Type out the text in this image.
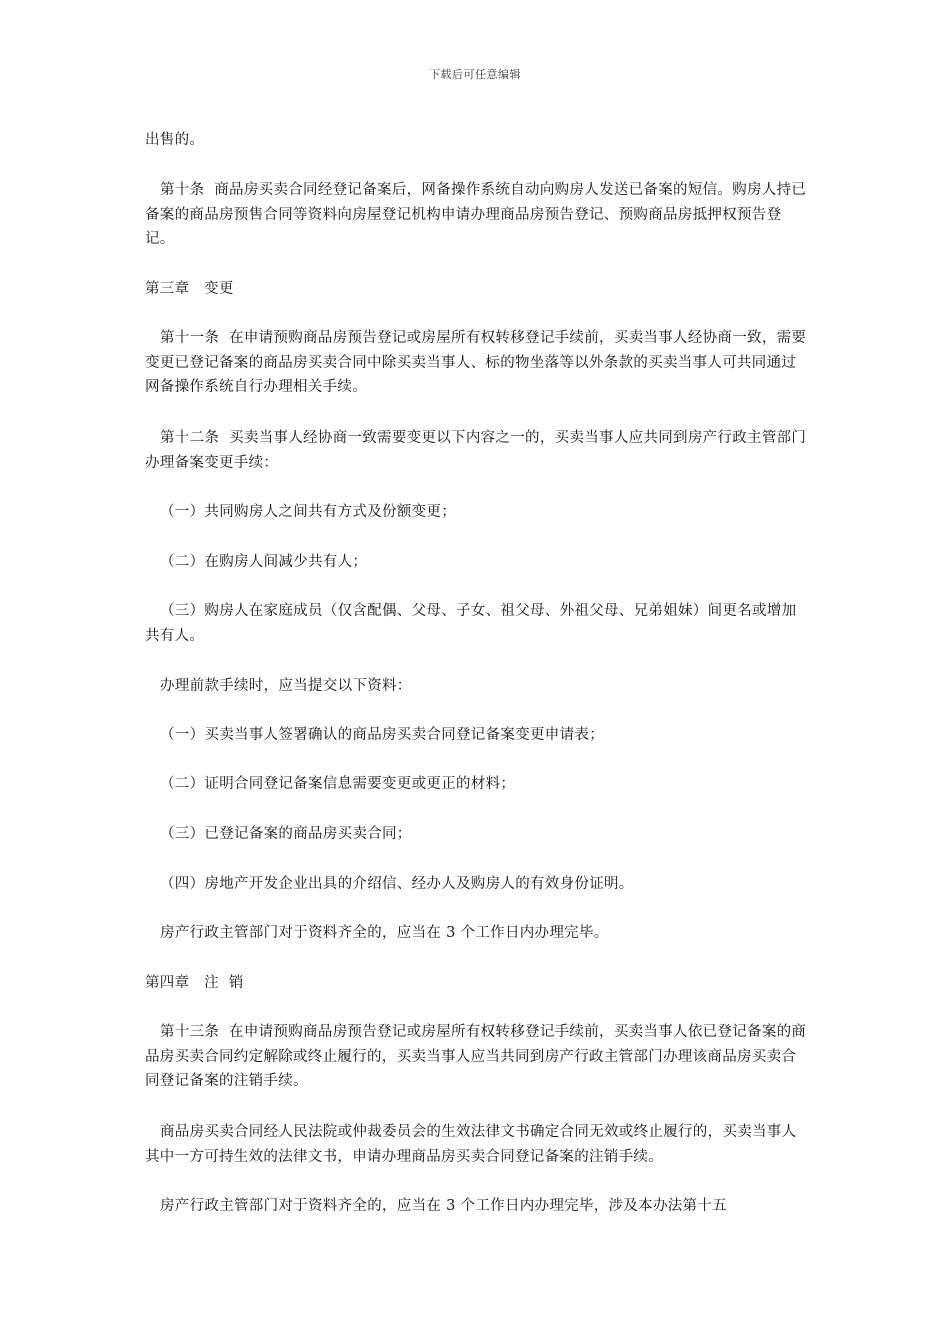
下载后可任意编辑

出售的。

第十条  商品房买卖合同经登记备案后，网备操作系统自动向购房人发送已备案的短信。购房人持已备案的商品房预售合同等资料向房屋登记机构申请办理商品房预告登记、预购商品房抵押权预告登记。

第三章   变更

第十一条  在申请预购商品房预告登记或房屋所有权转移登记手续前，买卖当事人经协商一致，需要变更已登记备案的商品房买卖合同中除买卖当事人、标的物坐落等以外条款的买卖当事人可共同通过网备操作系统自行办理相关手续。

第十二条  买卖当事人经协商一致需要变更以下内容之一的，买卖当事人应共同到房产行政主管部门办理备案变更手续：

（一）共同购房人之间共有方式及份额变更；

（二）在购房人间减少共有人；

（三）购房人在家庭成员（仅含配偶、父母、子女、祖父母、外祖父母、兄弟姐妹）间更名或增加共有人。

办理前款手续时，应当提交以下资料：

（一）买卖当事人签署确认的商品房买卖合同登记备案变更申请表；

（二）证明合同登记备案信息需要变更或更正的材料；

（三）已登记备案的商品房买卖合同；

（四）房地产开发企业出具的介绍信、经办人及购房人的有效身份证明。

房产行政主管部门对于资料齐全的，应当在 3 个工作日内办理完毕。

第四章   注  销

第十三条  在申请预购商品房预告登记或房屋所有权转移登记手续前，买卖当事人依已登记备案的商品房买卖合同约定解除或终止履行的，买卖当事人应当共同到房产行政主管部门办理该商品房买卖合同登记备案的注销手续。

商品房买卖合同经人民法院或仲裁委员会的生效法律文书确定合同无效或终止履行的，买卖当事人其中一方可持生效的法律文书，申请办理商品房买卖合同登记备案的注销手续。

房产行政主管部门对于资料齐全的，应当在 3 个工作日内办理完毕，涉及本办法第十五
